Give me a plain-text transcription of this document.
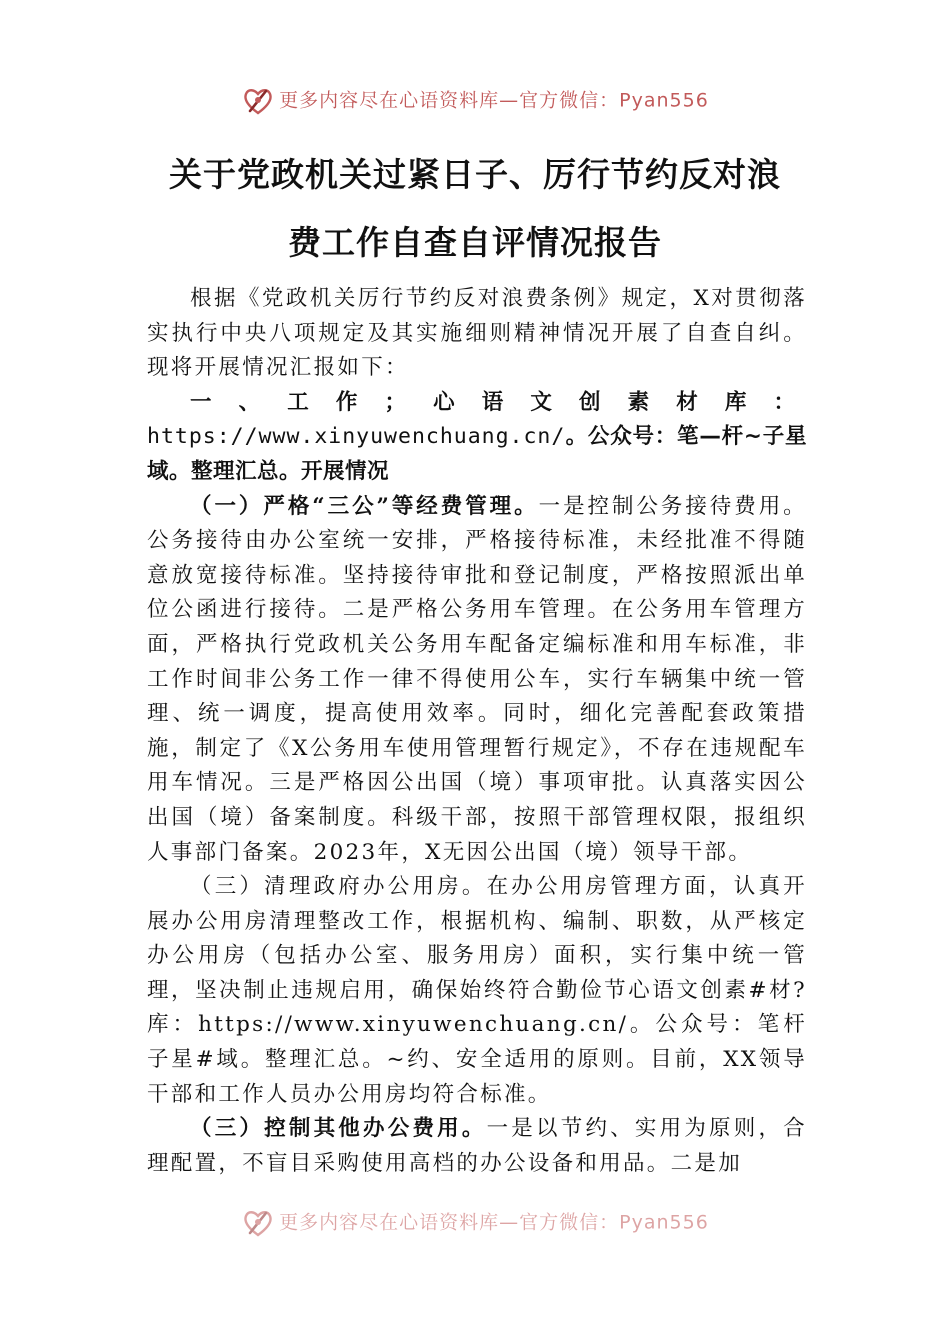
更多内容尽在心语资料库—官方微信：Pyan556
关于党政机关过紧日子、厉行节约反对浪
费工作自查自评情况报告

根据《党政机关厉行节约反对浪费条例》规定，X对贯彻落实执行中央八项规定及其实施细则精神情况开展了自查自纠。现将开展情况汇报如下：

一、工作；心语文创素材库：https://www.xinyuwenchuang.cn/。公众号：笔—杆~子星域。整理汇总。开展情况

（一）严格“三公”等经费管理。一是控制公务接待费用。公务接待由办公室统一安排，严格接待标准，未经批准不得随意放宽接待标准。坚持接待审批和登记制度，严格按照派出单位公函进行接待。二是严格公务用车管理。在公务用车管理方面，严格执行党政机关公务用车配备定编标准和用车标准，非工作时间非公务工作一律不得使用公车，实行车辆集中统一管理、统一调度，提高使用效率。同时，细化完善配套政策措施，制定了《X公务用车使用管理暂行规定》，不存在违规配车用车情况。三是严格因公出国（境）事项审批。认真落实因公出国（境）备案制度。科级干部，按照干部管理权限，报组织人事部门备案。2023年，X无因公出国（境）领导干部。

（三）清理政府办公用房。在办公用房管理方面，认真开展办公用房清理整改工作，根据机构、编制、职数，从严核定办公用房（包括办公室、服务用房）面积，实行集中统一管理，坚决制止违规启用，确保始终符合勤俭节心语文创素#材?库：https://www.xinyuwenchuang.cn/。公众号：笔杆子星#域。整理汇总。~约、安全适用的原则。目前，XX领导干部和工作人员办公用房均符合标准。

（三）控制其他办公费用。一是以节约、实用为原则，合理配置，不盲目采购使用高档的办公设备和用品。二是加

更多内容尽在心语资料库—官方微信：Pyan556
